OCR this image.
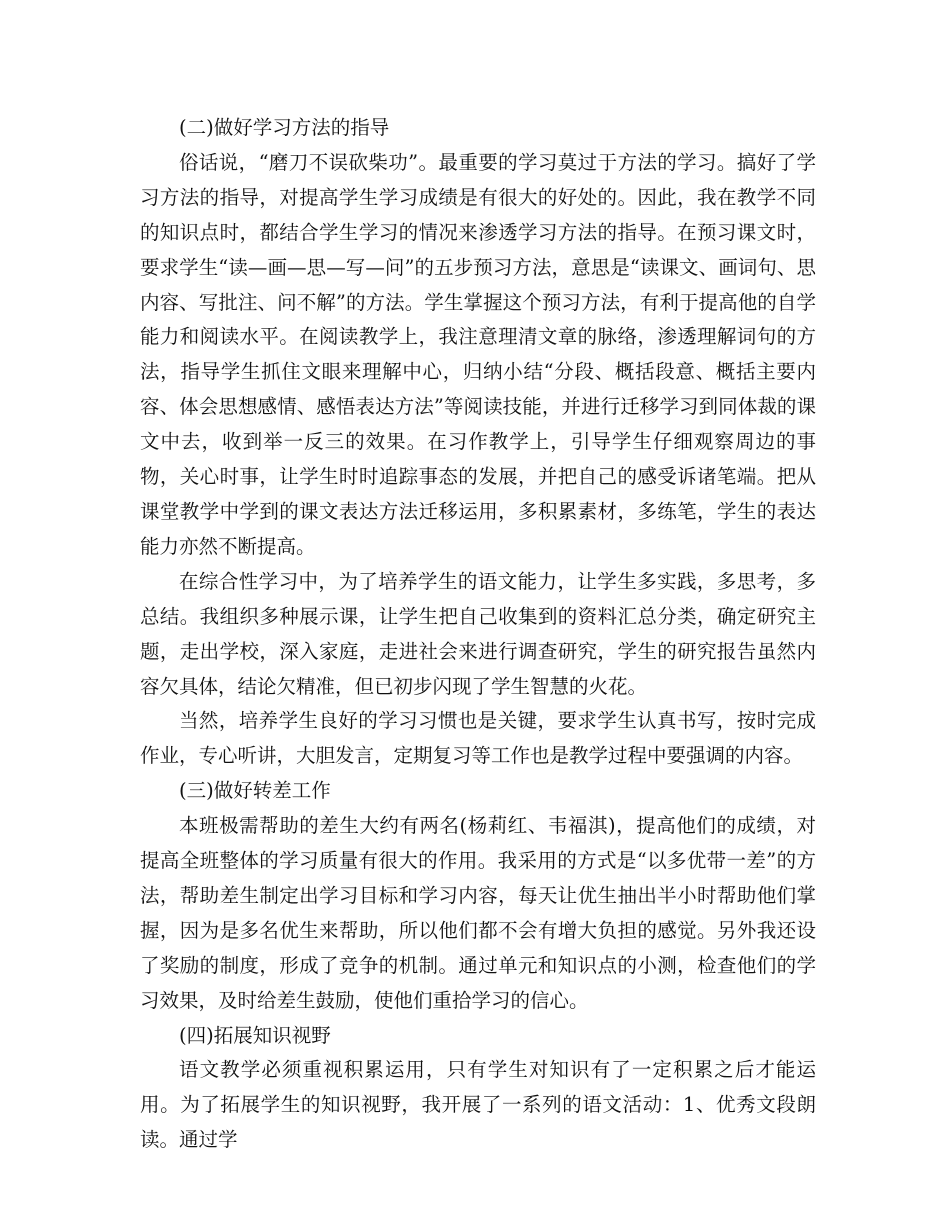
(二)做好学习方法的指导

俗话说，“磨刀不误砍柴功”。最重要的学习莫过于方法的学习。搞好了学习方法的指导，对提高学生学习成绩是有很大的好处的。因此，我在教学不同的知识点时，都结合学生学习的情况来渗透学习方法的指导。在预习课文时，要求学生“读—画—思—写—问”的五步预习方法，意思是“读课文、画词句、思内容、写批注、问不解”的方法。学生掌握这个预习方法，有利于提高他的自学能力和阅读水平。在阅读教学上，我注意理清文章的脉络，渗透理解词句的方法，指导学生抓住文眼来理解中心，归纳小结“分段、概括段意、概括主要内容、体会思想感情、感悟表达方法”等阅读技能，并进行迁移学习到同体裁的课文中去，收到举一反三的效果。在习作教学上，引导学生仔细观察周边的事物，关心时事，让学生时时追踪事态的发展，并把自己的感受诉诸笔端。把从课堂教学中学到的课文表达方法迁移运用，多积累素材，多练笔，学生的表达能力亦然不断提高。

在综合性学习中，为了培养学生的语文能力，让学生多实践，多思考，多总结。我组织多种展示课，让学生把自己收集到的资料汇总分类，确定研究主题，走出学校，深入家庭，走进社会来进行调查研究，学生的研究报告虽然内容欠具体，结论欠精准，但已初步闪现了学生智慧的火花。

当然，培养学生良好的学习习惯也是关键，要求学生认真书写，按时完成作业，专心听讲，大胆发言，定期复习等工作也是教学过程中要强调的内容。

(三)做好转差工作

本班极需帮助的差生大约有两名(杨莉红、韦福淇)，提高他们的成绩，对提高全班整体的学习质量有很大的作用。我采用的方式是“以多优带一差”的方法，帮助差生制定出学习目标和学习内容，每天让优生抽出半小时帮助他们掌握，因为是多名优生来帮助，所以他们都不会有增大负担的感觉。另外我还设了奖励的制度，形成了竞争的机制。通过单元和知识点的小测，检查他们的学习效果，及时给差生鼓励，使他们重拾学习的信心。

(四)拓展知识视野

语文教学必须重视积累运用，只有学生对知识有了一定积累之后才能运用。为了拓展学生的知识视野，我开展了一系列的语文活动：1、优秀文段朗读。通过学
